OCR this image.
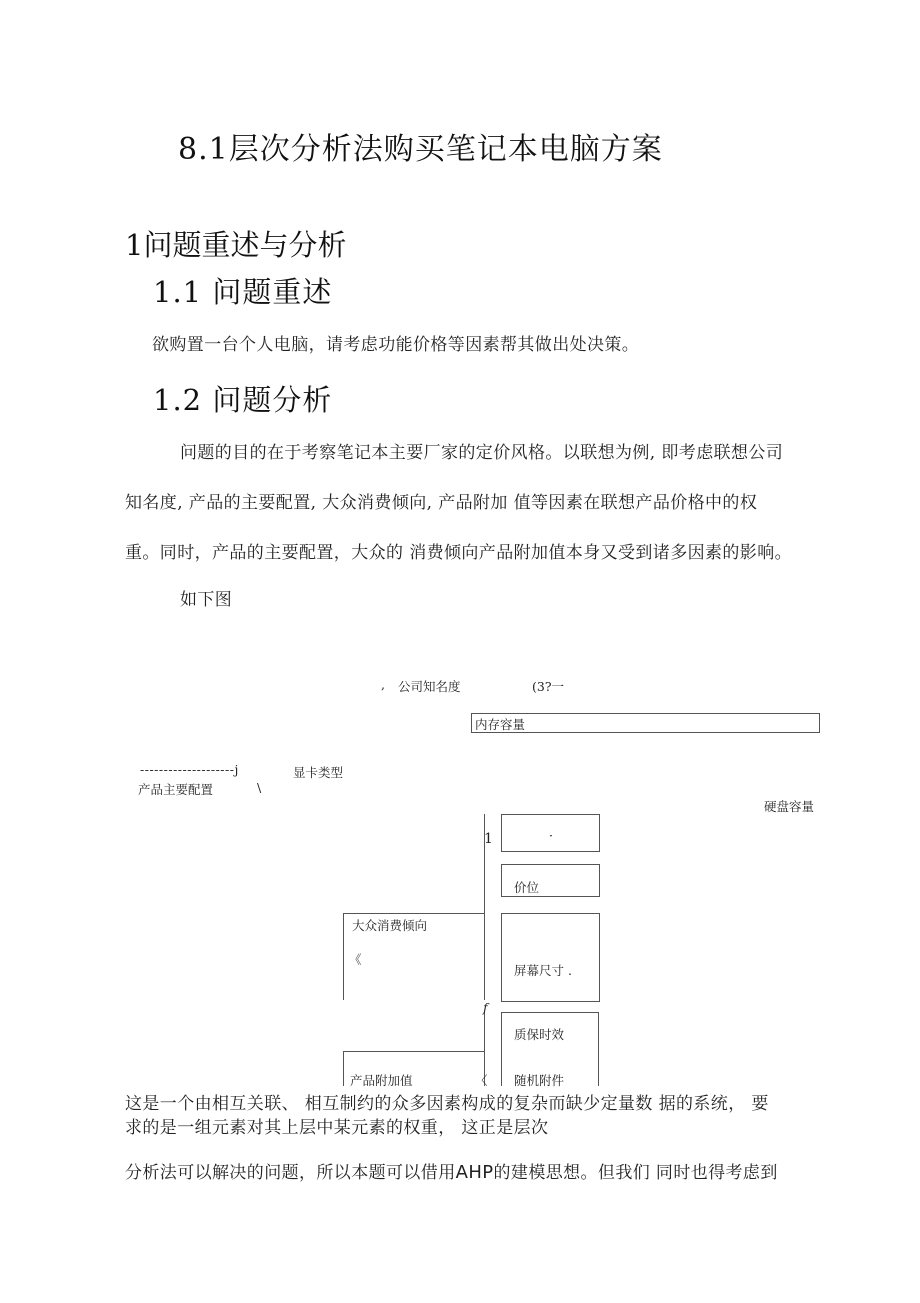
8.1层次分析法购买笔记本电脑方案
1问题重述与分析
1.1 问题重述
欲购置一台个人电脑，请考虑功能价格等因素帮其做出处决策。
1.2 问题分析
问题的目的在于考察笔记本主要厂家的定价风格。以联想为例, 即考虑联想公司
知名度, 产品的主要配置, 大众消费倾向, 产品附加 值等因素在联想产品价格中的权
重。同时，产品的主要配置，大众的 消费倾向产品附加值本身又受到诸多因素的影响。
如下图
, 公司知名度	(3?一
内存容量
--------------------j	显卡类型
产品主要配置	\
硬盘容量
1	·
价位
大众消费倾向
《
屏幕尺寸 .
f
质保时效
产品附加值	〈 随机附件
这是一个由相互关联、 相互制约的众多因素构成的复杂而缺少定量数 据的系统， 要
求的是一组元素对其上层中某元素的权重， 这正是层次
分析法可以解决的问题，所以本题可以借用AHP的建模思想。但我们 同时也得考虑到
